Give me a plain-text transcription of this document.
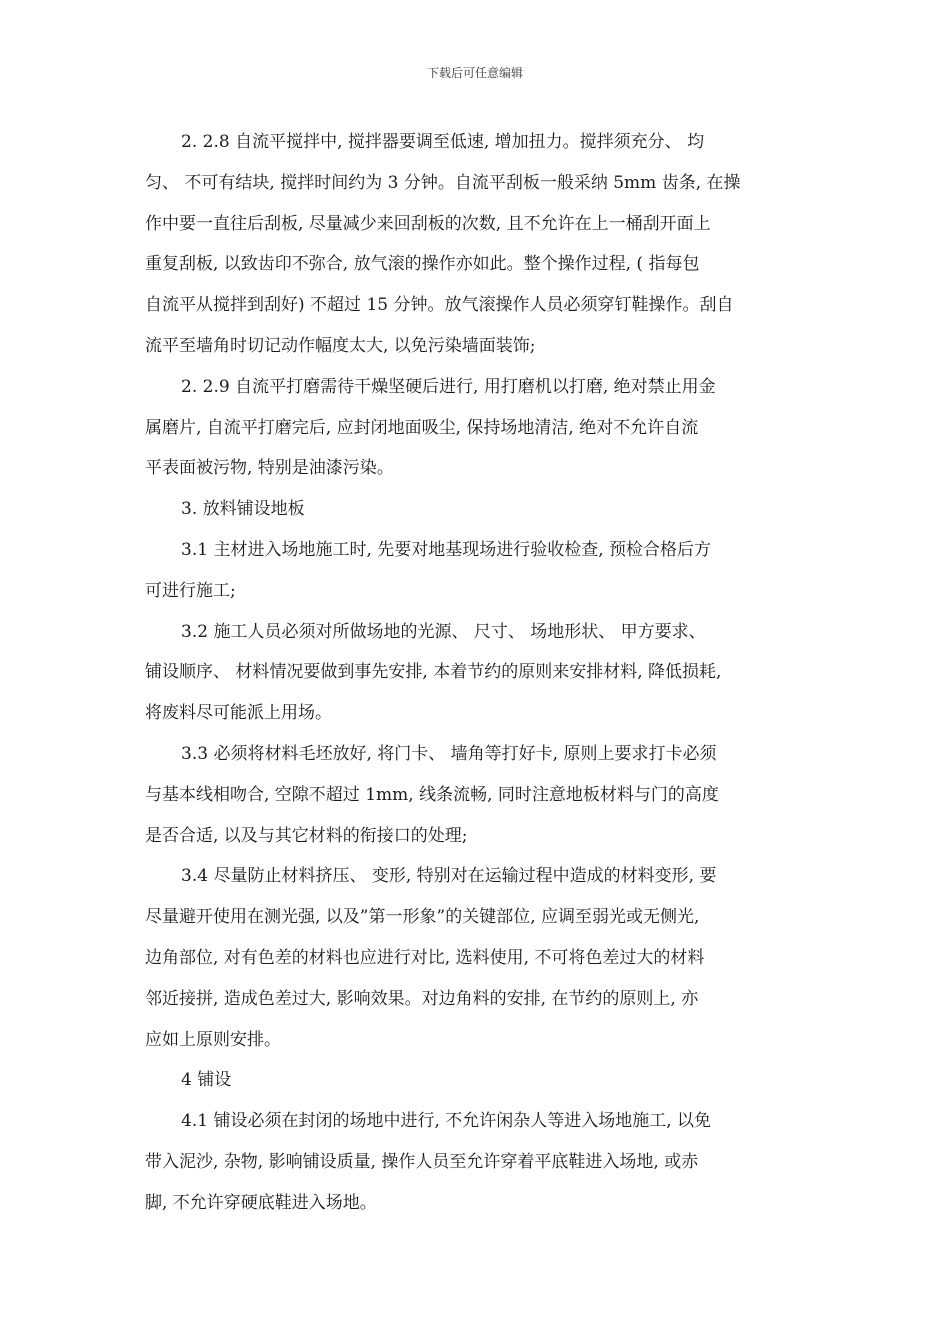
下载后可任意编辑
2. 2.8 自流平搅拌中, 搅拌器要调至低速, 增加扭力。搅拌须充分、 均
匀、 不可有结块, 搅拌时间约为 3 分钟。自流平刮板一般采纳 5mm 齿条, 在操
作中要一直往后刮板, 尽量减少来回刮板的次数, 且不允许在上一桶刮开面上
重复刮板, 以致齿印不弥合, 放气滚的操作亦如此。整个操作过程, ( 指每包
自流平从搅拌到刮好) 不超过 15 分钟。放气滚操作人员必须穿钉鞋操作。刮自
流平至墙角时切记动作幅度太大, 以免污染墙面装饰;
2. 2.9 自流平打磨需待干燥坚硬后进行, 用打磨机以打磨, 绝对禁止用金
属磨片, 自流平打磨完后, 应封闭地面吸尘, 保持场地清洁, 绝对不允许自流
平表面被污物, 特别是油漆污染。
3. 放料铺设地板
3.1 主材进入场地施工时, 先要对地基现场进行验收检查, 预检合格后方
可进行施工;
3.2 施工人员必须对所做场地的光源、 尺寸、 场地形状、 甲方要求、
铺设顺序、 材料情况要做到事先安排, 本着节约的原则来安排材料, 降低损耗,
将废料尽可能派上用场。
3.3 必须将材料毛坯放好, 将门卡、 墙角等打好卡, 原则上要求打卡必须
与基本线相吻合, 空隙不超过 1mm, 线条流畅, 同时注意地板材料与门的高度
是否合适, 以及与其它材料的衔接口的处理;
3.4 尽量防止材料挤压、 变形, 特别对在运输过程中造成的材料变形, 要
尽量避开使用在测光强, 以及”第一形象”的关键部位, 应调至弱光或无侧光,
边角部位, 对有色差的材料也应进行对比, 选料使用, 不可将色差过大的材料
邻近接拼, 造成色差过大, 影响效果。对边角料的安排, 在节约的原则上, 亦
应如上原则安排。
4 铺设
4.1 铺设必须在封闭的场地中进行, 不允许闲杂人等进入场地施工, 以免
带入泥沙, 杂物, 影响铺设质量, 操作人员至允许穿着平底鞋进入场地, 或赤
脚, 不允许穿硬底鞋进入场地。
